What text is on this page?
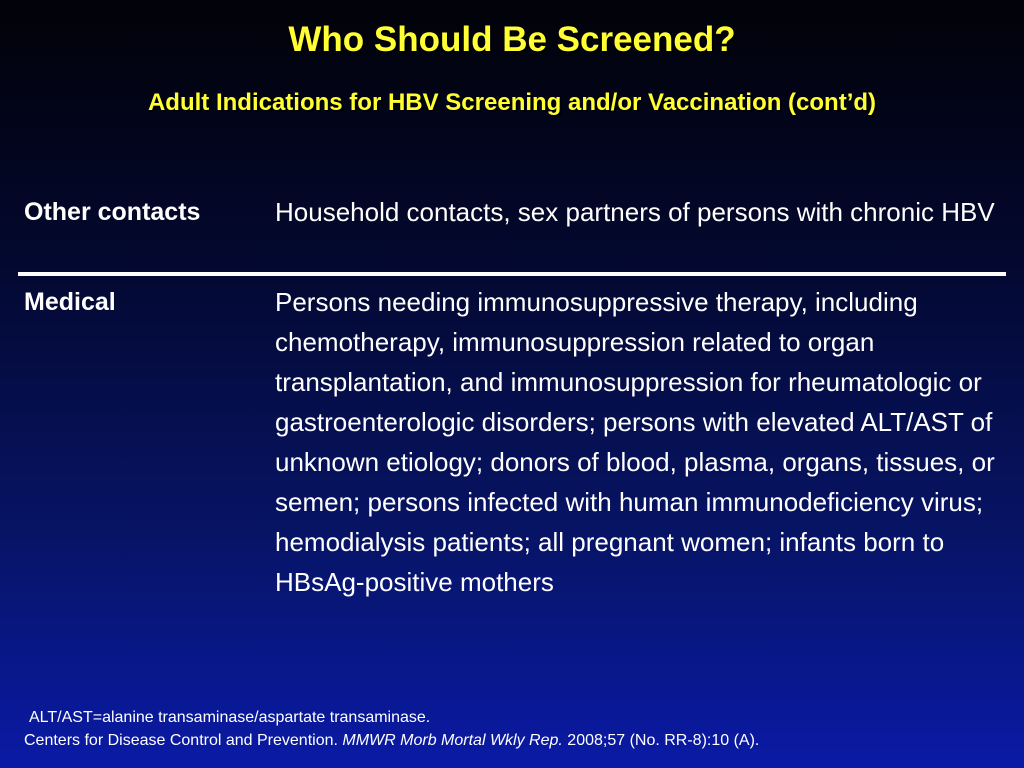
Who Should Be Screened?
Adult Indications for HBV Screening and/or Vaccination (cont’d)
Other contacts	Household contacts, sex partners of persons with chronic HBV
Medical	Persons needing immunosuppressive therapy, including chemotherapy, immunosuppression related to organ transplantation, and immunosuppression for rheumatologic or gastroenterologic disorders; persons with elevated ALT/AST of unknown etiology; donors of blood, plasma, organs, tissues, or semen; persons infected with human immunodeficiency virus; hemodialysis patients; all pregnant women; infants born to HBsAg-positive mothers
ALT/AST=alanine transaminase/aspartate transaminase.
Centers for Disease Control and Prevention. MMWR Morb Mortal Wkly Rep. 2008;57 (No. RR-8):10 (A).
